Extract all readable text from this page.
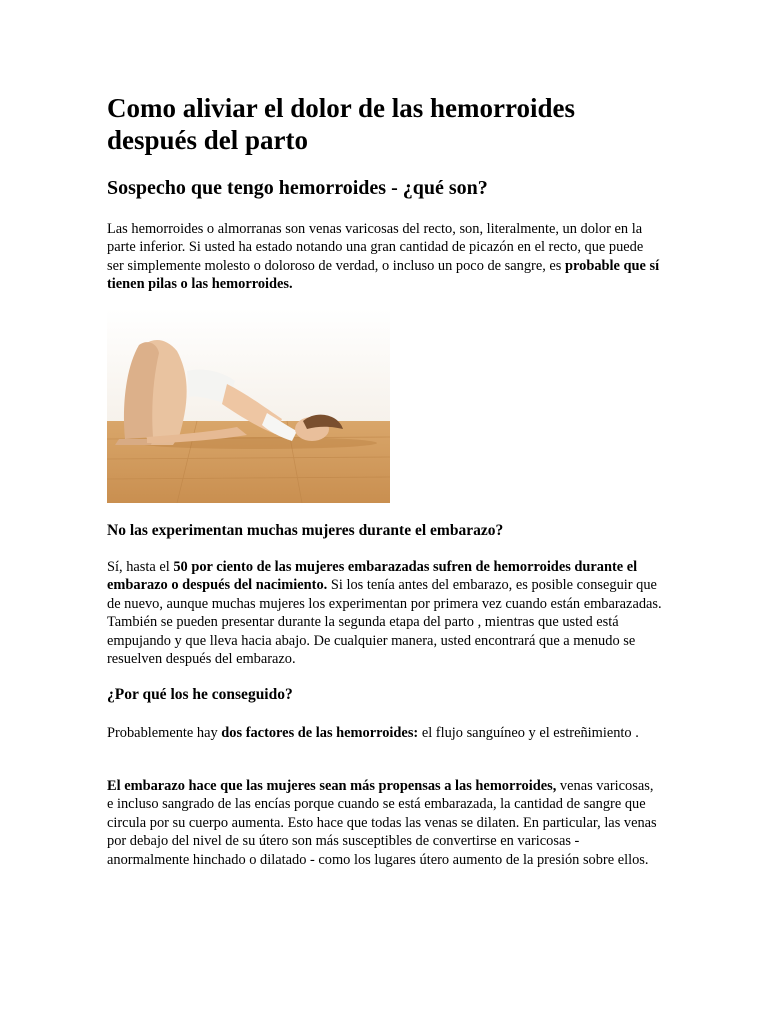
Como aliviar el dolor de las hemorroides después del parto
Sospecho que tengo hemorroides - ¿qué son?

Las hemorroides o almorranas son venas varicosas del recto, son, literalmente, un dolor en la parte inferior. Si usted ha estado notando una gran cantidad de picazón en el recto, que puede ser simplemente molesto o doloroso de verdad, o incluso un poco de sangre, es probable que sí tienen pilas o las hemorroides.

No las experimentan muchas mujeres durante el embarazo?

Sí, hasta el 50 por ciento de las mujeres embarazadas sufren de hemorroides durante el embarazo o después del nacimiento. Si los tenía antes del embarazo, es posible conseguir que de nuevo, aunque muchas mujeres los experimentan por primera vez cuando están embarazadas. También se pueden presentar durante la segunda etapa del parto , mientras que usted está empujando y que lleva hacia abajo. De cualquier manera, usted encontrará que a menudo se resuelven después del embarazo.

¿Por qué los he conseguido?

Probablemente hay dos factores de las hemorroides: el flujo sanguíneo y el estreñimiento .

El embarazo hace que las mujeres sean más propensas a las hemorroides, venas varicosas, e incluso sangrado de las encías porque cuando se está embarazada, la cantidad de sangre que circula por su cuerpo aumenta. Esto hace que todas las venas se dilaten. En particular, las venas por debajo del nivel de su útero son más susceptibles de convertirse en varicosas - anormalmente hinchado o dilatado - como los lugares útero aumento de la presión sobre ellos.
